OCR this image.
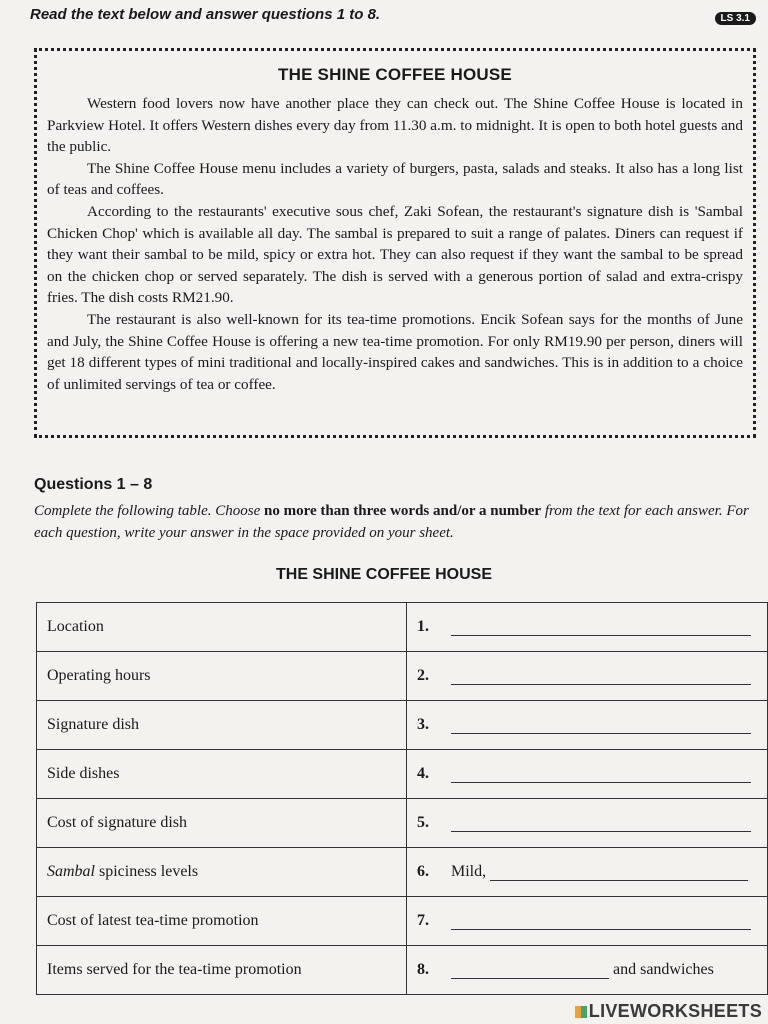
Read the text below and answer questions 1 to 8.	LS 3.1
THE SHINE COFFEE HOUSE

Western food lovers now have another place they can check out. The Shine Coffee House is located in Parkview Hotel. It offers Western dishes every day from 11.30 a.m. to midnight. It is open to both hotel guests and the public.

The Shine Coffee House menu includes a variety of burgers, pasta, salads and steaks. It also has a long list of teas and coffees.

According to the restaurants' executive sous chef, Zaki Sofean, the restaurant's signature dish is 'Sambal Chicken Chop' which is available all day. The sambal is prepared to suit a range of palates. Diners can request if they want their sambal to be mild, spicy or extra hot. They can also request if they want the sambal to be spread on the chicken chop or served separately. The dish is served with a generous portion of salad and extra-crispy fries. The dish costs RM21.90.

The restaurant is also well-known for its tea-time promotions. Encik Sofean says for the months of June and July, the Shine Coffee House is offering a new tea-time promotion. For only RM19.90 per person, diners will get 18 different types of mini traditional and locally-inspired cakes and sandwiches. This is in addition to a choice of unlimited servings of tea or coffee.

Questions 1 – 8
Complete the following table. Choose no more than three words and/or a number from the text for each answer. For each question, write your answer in the space provided on your sheet.
THE SHINE COFFEE HOUSE
Location	1.
Operating hours	2.
Signature dish	3.
Side dishes	4.
Cost of signature dish	5.
Sambal spiciness levels	6. Mild,
Cost of latest tea-time promotion	7.
Items served for the tea-time promotion	8. and sandwiches
LIVEWORKSHEETS
